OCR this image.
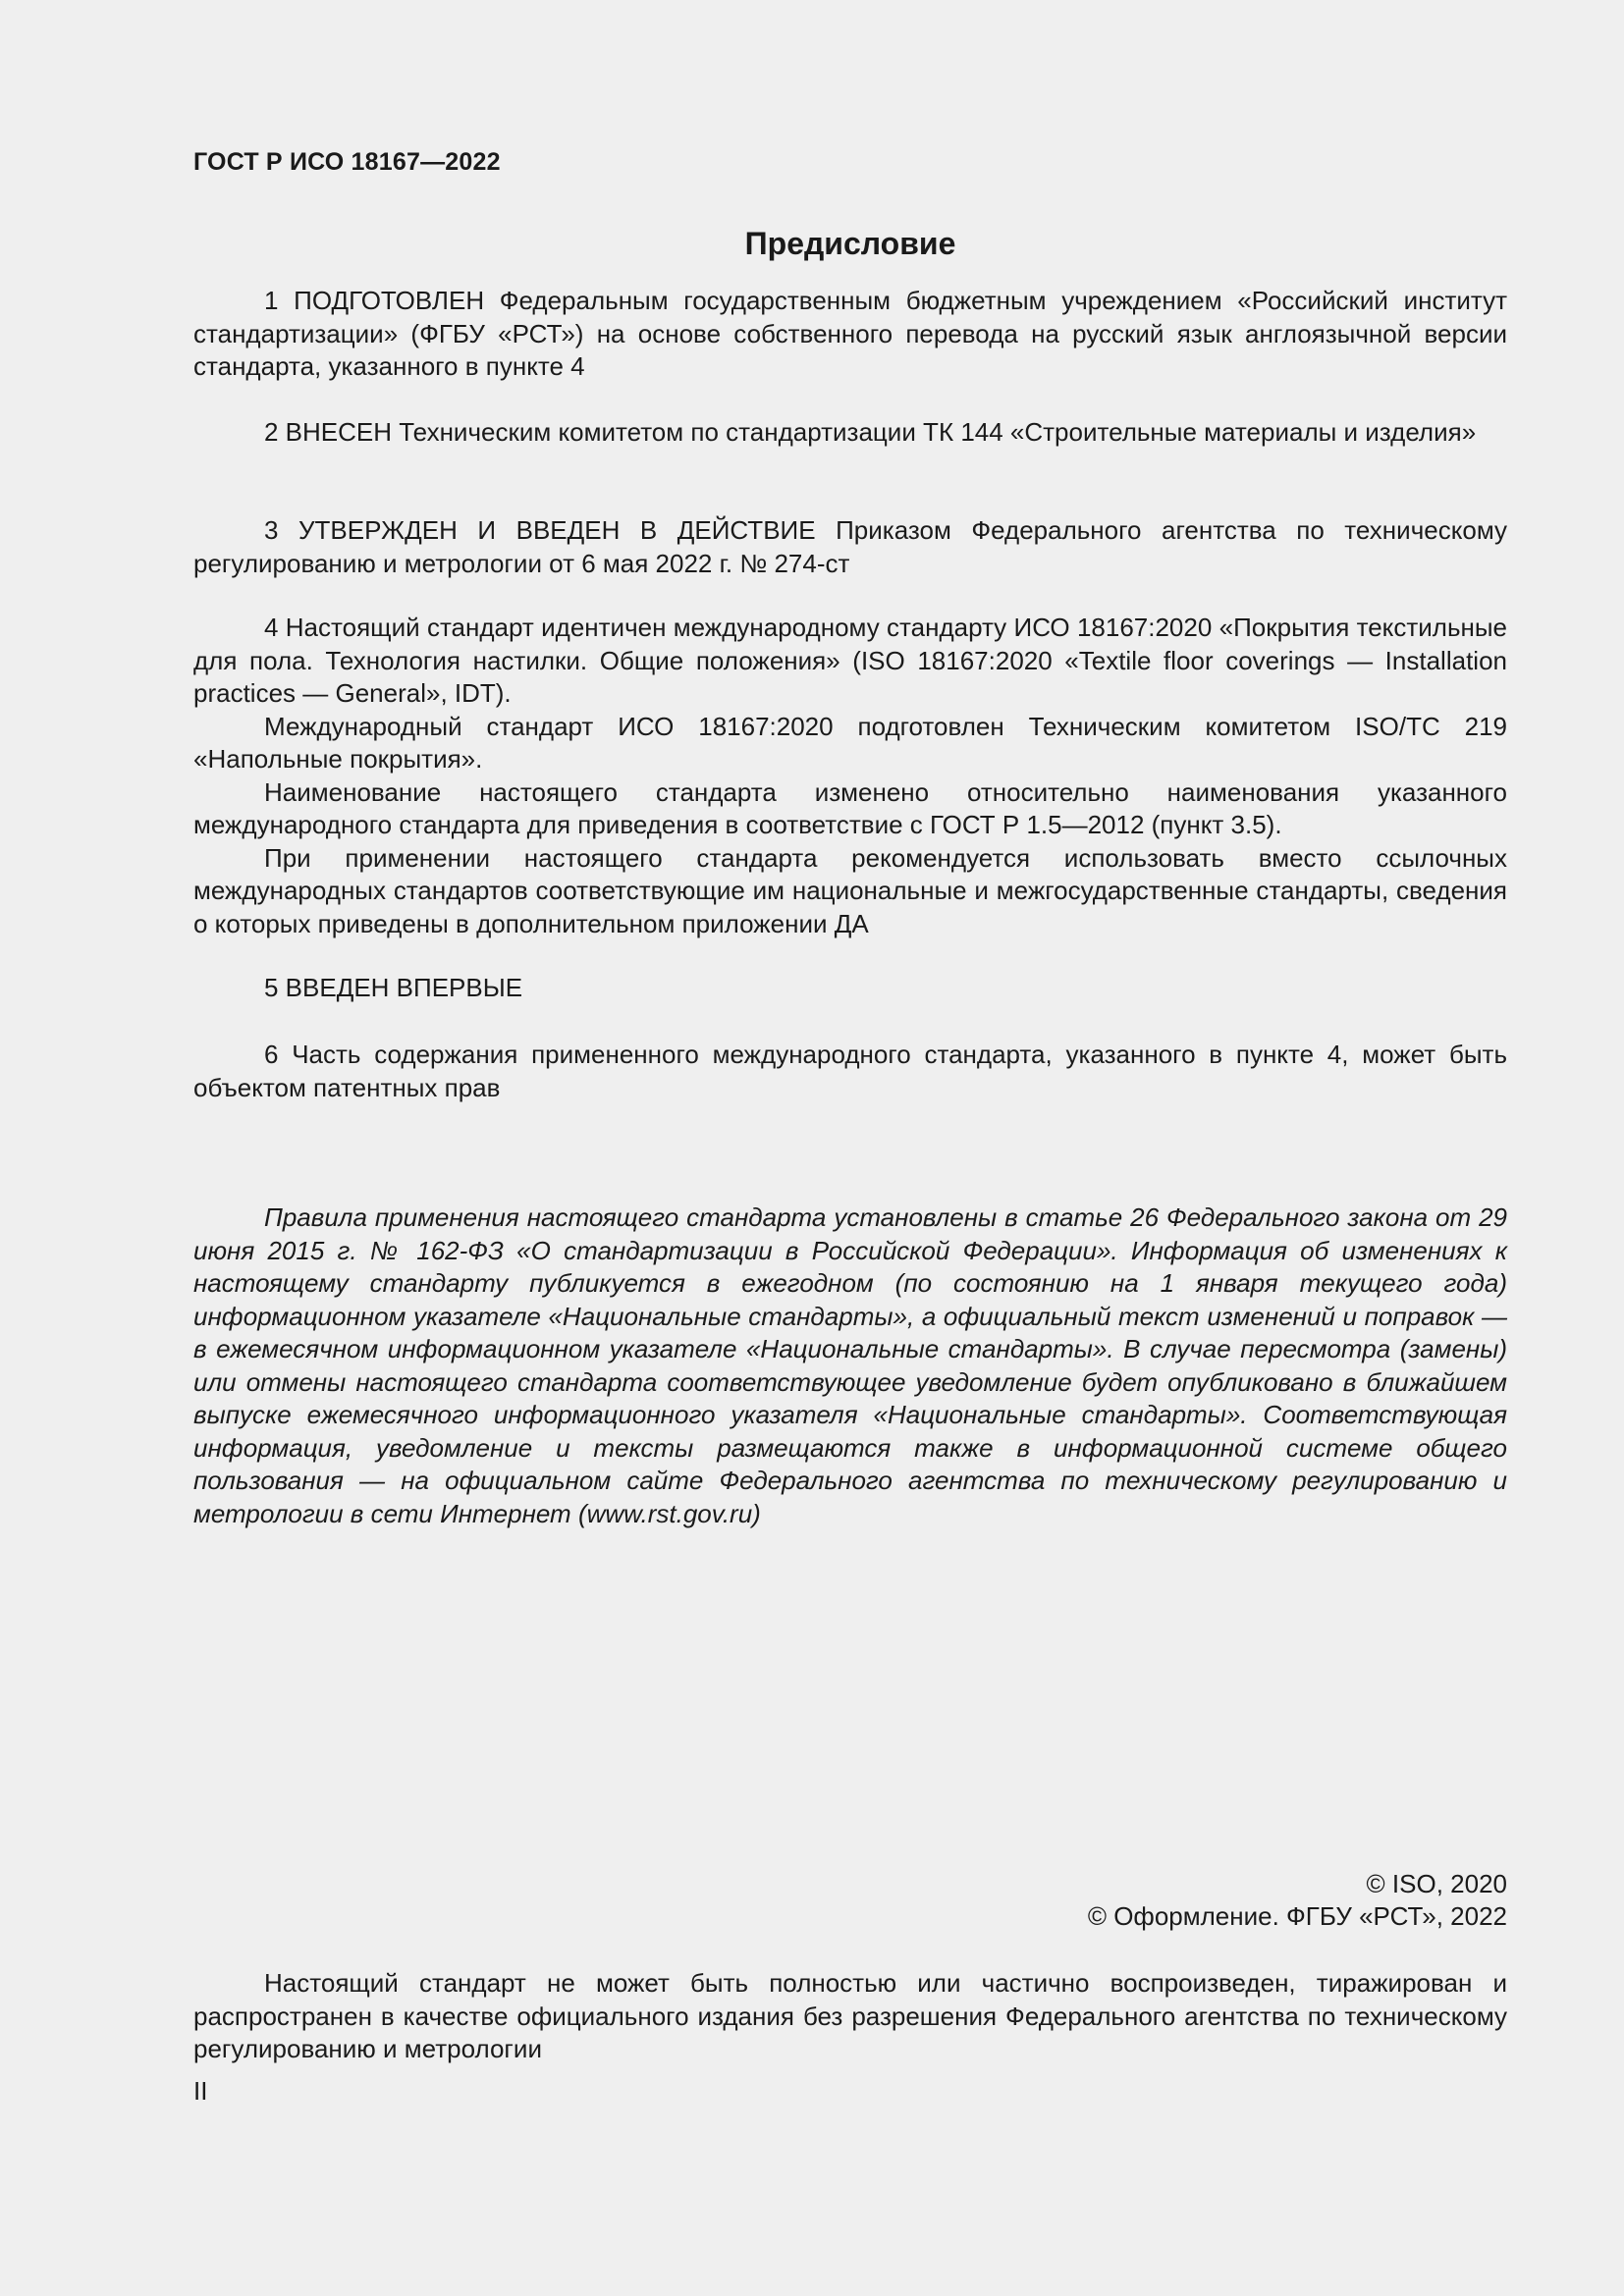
ГОСТ Р ИСО 18167—2022
Предисловие

1 ПОДГОТОВЛЕН Федеральным государственным бюджетным учреждением «Российский институт стандартизации» (ФГБУ «РСТ») на основе собственного перевода на русский язык англоязычной версии стандарта, указанного в пункте 4

2 ВНЕСЕН Техническим комитетом по стандартизации ТК 144 «Строительные материалы и изделия»

3 УТВЕРЖДЕН И ВВЕДЕН В ДЕЙСТВИЕ Приказом Федерального агентства по техническому регулированию и метрологии от 6 мая 2022 г. № 274-ст

4 Настоящий стандарт идентичен международному стандарту ИСО 18167:2020 «Покрытия текстильные для пола. Технология настилки. Общие положения» (ISO 18167:2020 «Textile floor coverings — Installation practices — General», IDT).

Международный стандарт ИСО 18167:2020 подготовлен Техническим комитетом ISO/TC 219 «Напольные покрытия».

Наименование настоящего стандарта изменено относительно наименования указанного международного стандарта для приведения в соответствие с ГОСТ Р 1.5—2012 (пункт 3.5).

При применении настоящего стандарта рекомендуется использовать вместо ссылочных международных стандартов соответствующие им национальные и межгосударственные стандарты, сведения о которых приведены в дополнительном приложении ДА

5 ВВЕДЕН ВПЕРВЫЕ

6 Часть содержания примененного международного стандарта, указанного в пункте 4, может быть объектом патентных прав

Правила применения настоящего стандарта установлены в статье 26 Федерального закона от 29 июня 2015 г. № 162-ФЗ «О стандартизации в Российской Федерации». Информация об изменениях к настоящему стандарту публикуется в ежегодном (по состоянию на 1 января текущего года) информационном указателе «Национальные стандарты», а официальный текст изменений и поправок — в ежемесячном информационном указателе «Национальные стандарты». В случае пересмотра (замены) или отмены настоящего стандарта соответствующее уведомление будет опубликовано в ближайшем выпуске ежемесячного информационного указателя «Национальные стандарты». Соответствующая информация, уведомление и тексты размещаются также в информационной системе общего пользования — на официальном сайте Федерального агентства по техническому регулированию и метрологии в сети Интернет (www.rst.gov.ru)

© ISO, 2020
© Оформление. ФГБУ «РСТ», 2022

Настоящий стандарт не может быть полностью или частично воспроизведен, тиражирован и распространен в качестве официального издания без разрешения Федерального агентства по техническому регулированию и метрологии

II
